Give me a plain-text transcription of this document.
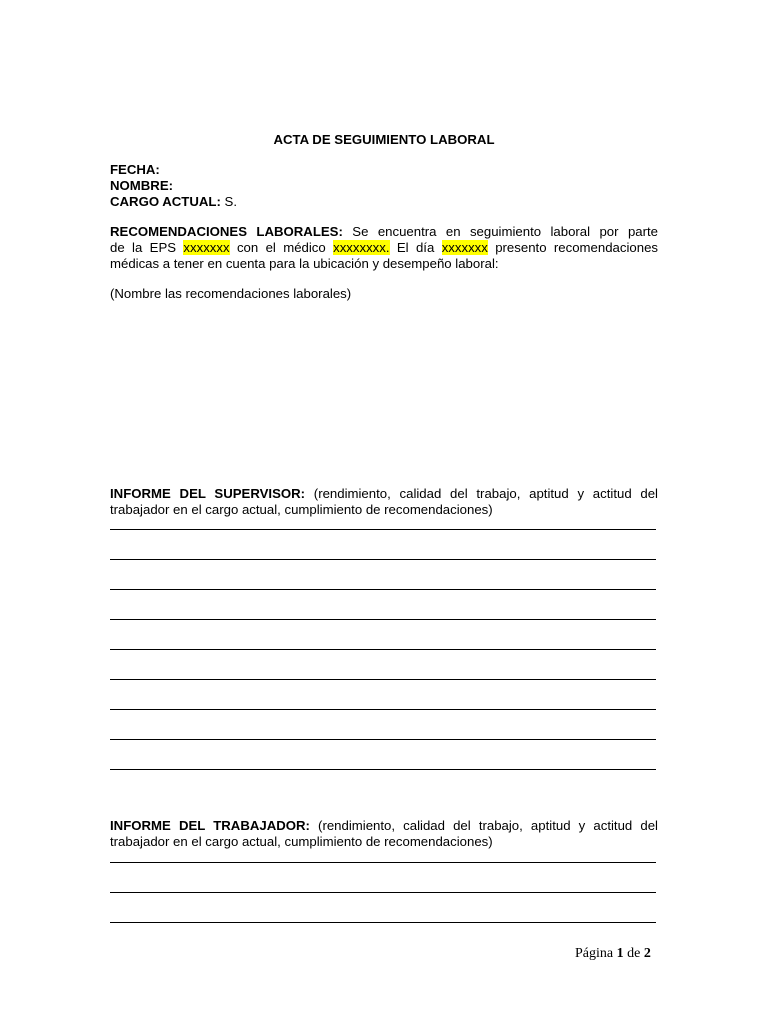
ACTA DE SEGUIMIENTO LABORAL
FECHA:
NOMBRE:
CARGO ACTUAL: S.
RECOMENDACIONES LABORALES: Se encuentra en seguimiento laboral por parte
de la EPS xxxxxxx con el médico xxxxxxxx. El día xxxxxxx presento recomendaciones
médicas a tener en cuenta para la ubicación y desempeño laboral:
(Nombre las recomendaciones laborales)
INFORME DEL SUPERVISOR: (rendimiento, calidad del trabajo, aptitud y actitud del
trabajador en el cargo actual, cumplimiento de recomendaciones)
INFORME DEL TRABAJADOR: (rendimiento, calidad del trabajo, aptitud y actitud del
trabajador en el cargo actual, cumplimiento de recomendaciones)
Página 1 de 2
